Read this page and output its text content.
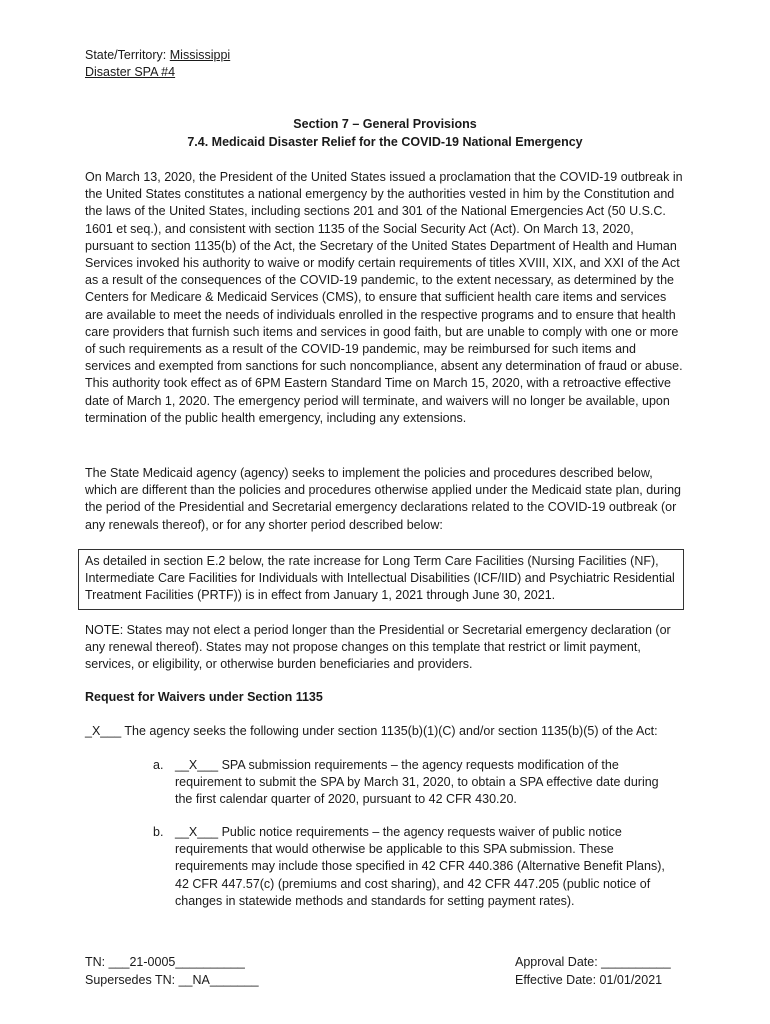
State/Territory: Mississippi
Disaster SPA #4
Section 7 – General Provisions
7.4. Medicaid Disaster Relief for the COVID-19 National Emergency

On March 13, 2020, the President of the United States issued a proclamation that the COVID-19 outbreak in the United States constitutes a national emergency by the authorities vested in him by the Constitution and the laws of the United States, including sections 201 and 301 of the National Emergencies Act (50 U.S.C. 1601 et seq.), and consistent with section 1135 of the Social Security Act (Act). On March 13, 2020, pursuant to section 1135(b) of the Act, the Secretary of the United States Department of Health and Human Services invoked his authority to waive or modify certain requirements of titles XVIII, XIX, and XXI of the Act as a result of the consequences of the COVID-19 pandemic, to the extent necessary, as determined by the Centers for Medicare & Medicaid Services (CMS), to ensure that sufficient health care items and services are available to meet the needs of individuals enrolled in the respective programs and to ensure that health care providers that furnish such items and services in good faith, but are unable to comply with one or more of such requirements as a result of the COVID-19 pandemic, may be reimbursed for such items and services and exempted from sanctions for such noncompliance, absent any determination of fraud or abuse. This authority took effect as of 6PM Eastern Standard Time on March 15, 2020, with a retroactive effective date of March 1, 2020. The emergency period will terminate, and waivers will no longer be available, upon termination of the public health emergency, including any extensions.

The State Medicaid agency (agency) seeks to implement the policies and procedures described below, which are different than the policies and procedures otherwise applied under the Medicaid state plan, during the period of the Presidential and Secretarial emergency declarations related to the COVID-19 outbreak (or any renewals thereof), or for any shorter period described below:

As detailed in section E.2 below, the rate increase for Long Term Care Facilities (Nursing Facilities (NF), Intermediate Care Facilities for Individuals with Intellectual Disabilities (ICF/IID) and Psychiatric Residential Treatment Facilities (PRTF)) is in effect from January 1, 2021 through June 30, 2021.

NOTE: States may not elect a period longer than the Presidential or Secretarial emergency declaration (or any renewal thereof). States may not propose changes on this template that restrict or limit payment, services, or eligibility, or otherwise burden beneficiaries and providers.

Request for Waivers under Section 1135
_X___ The agency seeks the following under section 1135(b)(1)(C) and/or section 1135(b)(5) of the Act:
a. __X___ SPA submission requirements – the agency requests modification of the requirement to submit the SPA by March 31, 2020, to obtain a SPA effective date during the first calendar quarter of 2020, pursuant to 42 CFR 430.20.
b. __X___ Public notice requirements – the agency requests waiver of public notice requirements that would otherwise be applicable to this SPA submission. These requirements may include those specified in 42 CFR 440.386 (Alternative Benefit Plans), 42 CFR 447.57(c) (premiums and cost sharing), and 42 CFR 447.205 (public notice of changes in statewide methods and standards for setting payment rates).
TN: ___21-0005__________
Supersedes TN: __NA_______
Approval Date: __________
Effective Date: 01/01/2021
